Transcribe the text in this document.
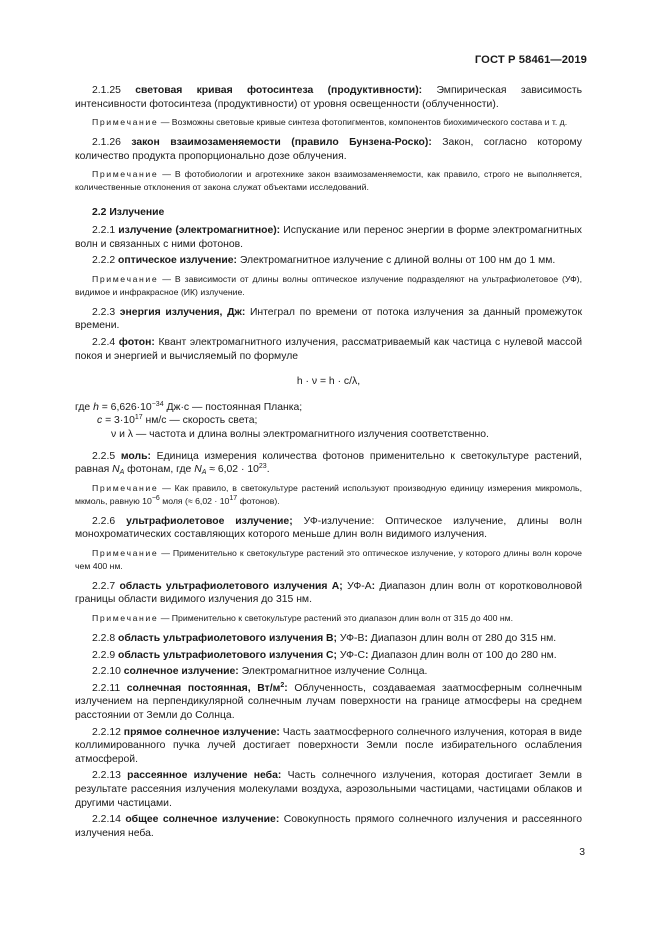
ГОСТ Р 58461—2019

2.1.25 световая кривая фотосинтеза (продуктивности): Эмпирическая зависимость интенсивности фотосинтеза (продуктивности) от уровня освещенности (облученности).

Примечание — Возможны световые кривые синтеза фотопигментов, компонентов биохимического состава и т. д.

2.1.26 закон взаимозаменяемости (правило Бунзена-Роско): Закон, согласно которому количество продукта пропорционально дозе облучения.

Примечание — В фотобиологии и агротехнике закон взаимозаменяемости, как правило, строго не выполняется, количественные отклонения от закона служат объектами исследований.

2.2 Излучение

2.2.1 излучение (электромагнитное): Испускание или перенос энергии в форме электромагнитных волн и связанных с ними фотонов.

2.2.2 оптическое излучение: Электромагнитное излучение с длиной волны от 100 нм до 1 мм.

Примечание — В зависимости от длины волны оптическое излучение подразделяют на ультрафиолетовое (УФ), видимое и инфракрасное (ИК) излучение.

2.2.3 энергия излучения, Дж: Интеграл по времени от потока излучения за данный промежуток времени.

2.2.4 фотон: Квант электромагнитного излучения, рассматриваемый как частица с нулевой массой покоя и энергией и вычисляемый по формуле

h · ν = h · c/λ,
где $h = 6,626\cdot 10^{-34}$ Дж·с — постоянная Планка;
$c = 3\cdot 10^{17}$ нм/с — скорость света;
ν и λ — частота и длина волны электромагнитного излучения соответственно.

2.2.5 моль: Единица измерения количества фотонов применительно к светокультуре растений, равная $N_A$ фотонам, где $N_A \approx 6,02 \cdot 10^{23}$.

Примечание — Как правило, в светокультуре растений используют производную единицу измерения микромоль, мкмоль, равную $10^{-6}$ моля (≈ $6,02 \cdot 10^{17}$ фотонов).

2.2.6 ультрафиолетовое излучение; УФ-излучение: Оптическое излучение, длины волн монохроматических составляющих которого меньше длин волн видимого излучения.

Примечание — Применительно к светокультуре растений это оптическое излучение, у которого длины волн короче чем 400 нм.

2.2.7 область ультрафиолетового излучения A; УФ-A: Диапазон длин волн от коротковолновой границы области видимого излучения до 315 нм.

Примечание — Применительно к светокультуре растений это диапазон длин волн от 315 до 400 нм.

2.2.8 область ультрафиолетового излучения B; УФ-B: Диапазон длин волн от 280 до 315 нм.

2.2.9 область ультрафиолетового излучения C; УФ-C: Диапазон длин волн от 100 до 280 нм.

2.2.10 солнечное излучение: Электромагнитное излучение Солнца.

2.2.11 солнечная постоянная, $Вт/м^2$: Облученность, создаваемая заатмосферным солнечным излучением на перпендикулярной солнечным лучам поверхности на границе атмосферы на среднем расстоянии от Земли до Солнца.

2.2.12 прямое солнечное излучение: Часть заатмосферного солнечного излучения, которая в виде коллимированного пучка лучей достигает поверхности Земли после избирательного ослабления атмосферой.

2.2.13 рассеянное излучение неба: Часть солнечного излучения, которая достигает Земли в результате рассеяния излучения молекулами воздуха, аэрозольными частицами, частицами облаков и другими частицами.

2.2.14 общее солнечное излучение: Совокупность прямого солнечного излучения и рассеянного излучения неба.

3
